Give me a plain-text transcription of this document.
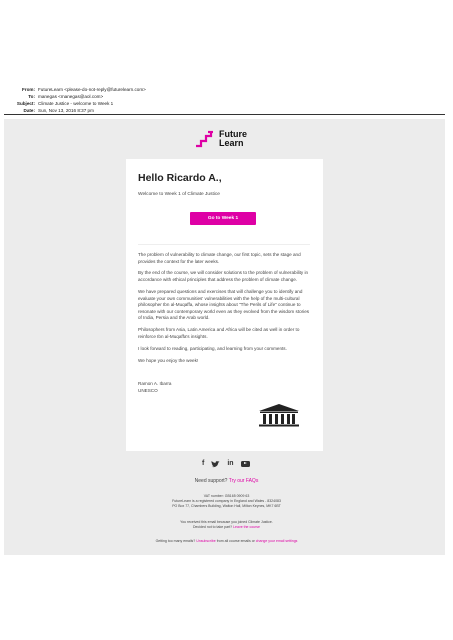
From: FutureLearn <please-do-not-reply@futurelearn.com>
To: manegas <manegas@aol.com>
Subject: Climate Justice - welcome to Week 1
Date: Sun, Nov 13, 2016 8:37 pm
Future
Learn
Hello Ricardo A.,
Welcome to Week 1 of Climate Justice
Go to Week 1

The problem of vulnerability to climate change, our first topic, sets the stage and provides the context for the later weeks.

By the end of the course, we will consider solutions to the problem of vulnerability in accordance with ethical principles that address the problem of climate change.

We have prepared questions and exercises that will challenge you to identify and evaluate your own communities' vulnerabilities with the help of the multi-cultural philosopher Ibn al-Muqaffa, whose insights about "The Perils of Life" continue to resonate with our contemporary world even as they evolved from the wisdom stories of India, Persia and the Arab world.

Philosophers from Asia, Latin America and Africa will be cited as well in order to reinforce Ibn al-Muqaffa's insights.

I look forward to reading, participating, and learning from your comments.

We hope you enjoy the week!

Ramon A. Ibarra
UNESCO
f	in
Need support? Try our FAQs
VAT number: GB165 0909 63
FutureLearn is a registered company in England and Wales - 8324083
PO Box 77, Chambers Building, Walton Hall, Milton Keynes, MK7 6BT
You received this email because you joined Climate Justice.
Decided not to take part? Leave the course
Getting too many emails? Unsubscribe from all course emails or change your email settings
